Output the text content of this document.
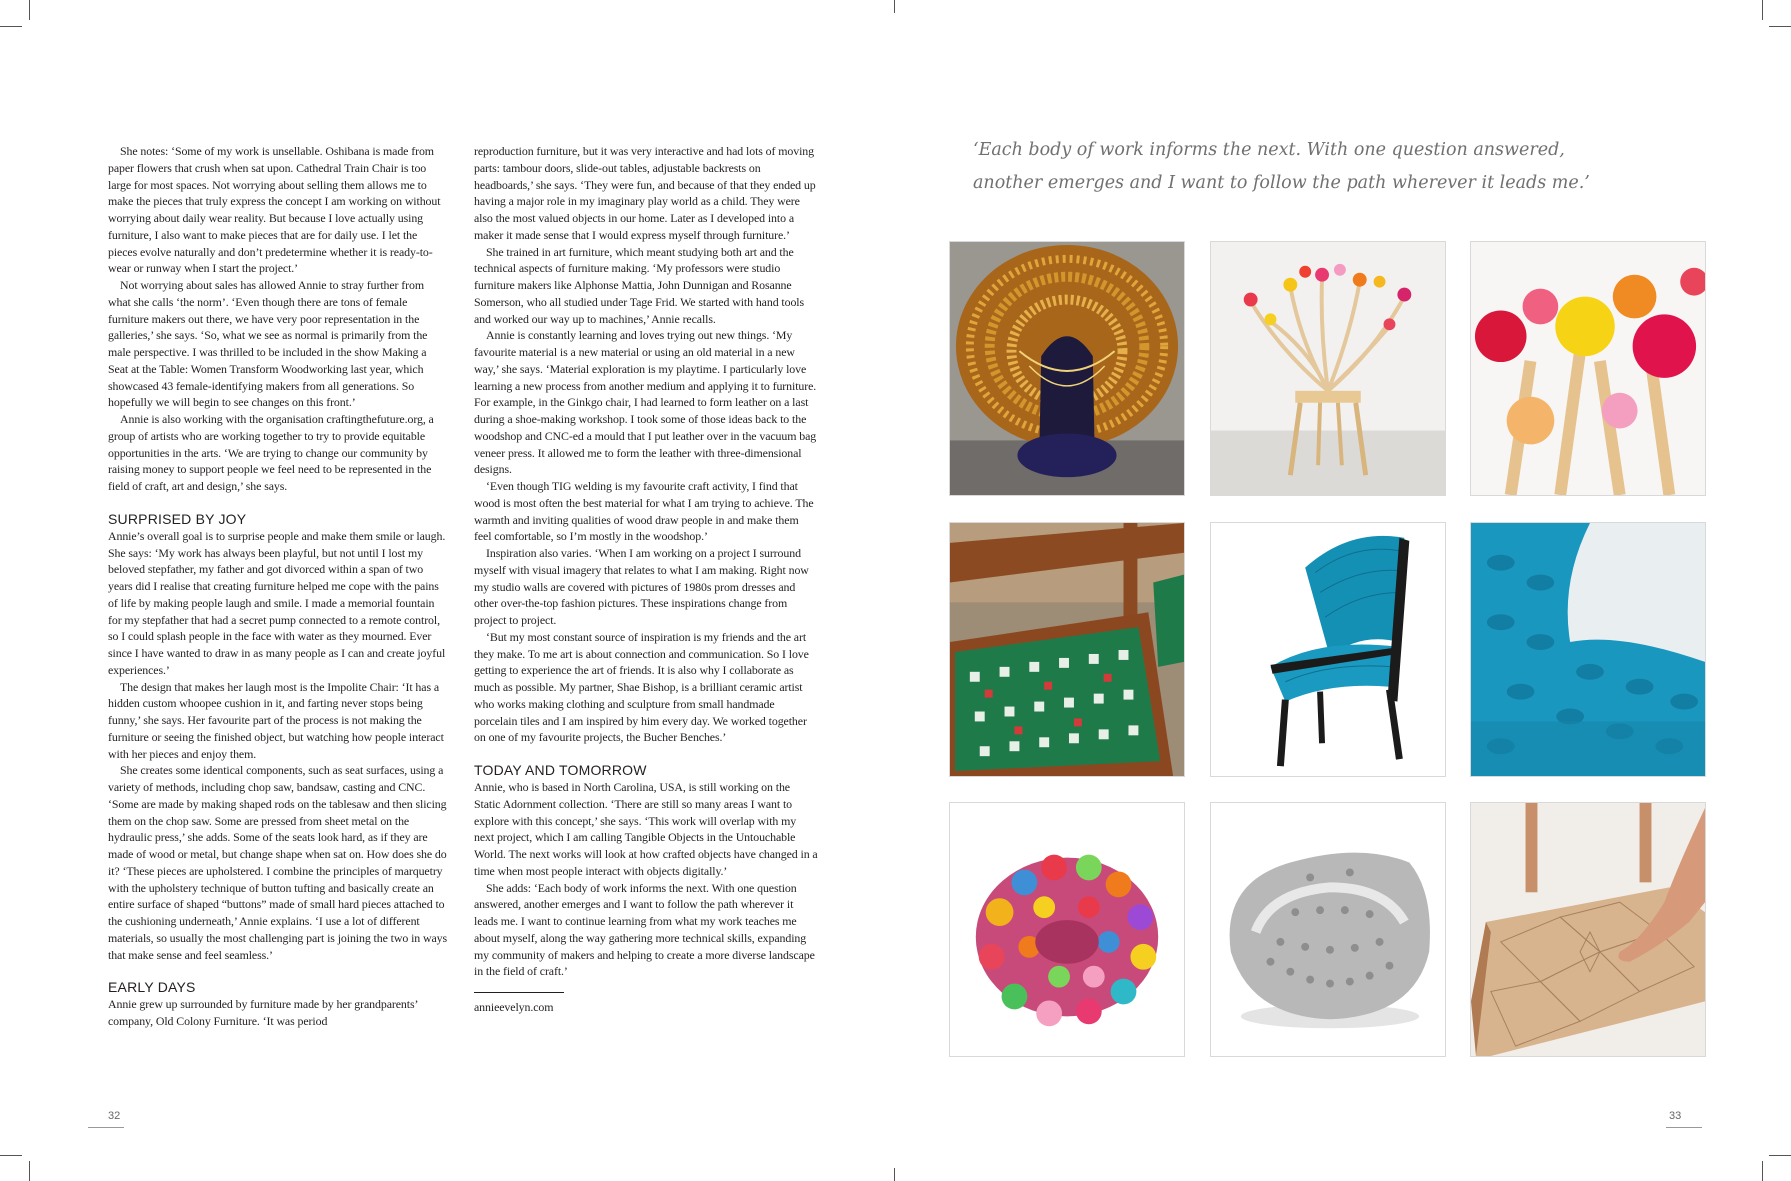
She notes: ‘Some of my work is unsellable. Oshibana is made from paper flowers that crush when sat upon. Cathedral Train Chair is too large for most spaces. Not worrying about selling them allows me to make the pieces that truly express the concept I am working on without worrying about daily wear reality. But because I love actually using furniture, I also want to make pieces that are for daily use. I let the pieces evolve naturally and don’t predetermine whether it is ready-to-wear or runway when I start the project.’

Not worrying about sales has allowed Annie to stray further from what she calls ‘the norm’. ‘Even though there are tons of female furniture makers out there, we have very poor representation in the galleries,’ she says. ‘So, what we see as normal is primarily from the male perspective. I was thrilled to be included in the show Making a Seat at the Table: Women Transform Woodworking last year, which showcased 43 female-identifying makers from all generations. So hopefully we will begin to see changes on this front.’

Annie is also working with the organisation craftingthefuture.org, a group of artists who are working together to try to provide equitable opportunities in the arts. ‘We are trying to change our community by raising money to support people we feel need to be represented in the field of craft, art and design,’ she says.

SURPRISED BY JOY

Annie’s overall goal is to surprise people and make them smile or laugh. She says: ‘My work has always been playful, but not until I lost my beloved stepfather, my father and got divorced within a span of two years did I realise that creating furniture helped me cope with the pains of life by making people laugh and smile. I made a memorial fountain for my stepfather that had a secret pump connected to a remote control, so I could splash people in the face with water as they mourned. Ever since I have wanted to draw in as many people as I can and create joyful experiences.’

The design that makes her laugh most is the Impolite Chair: ‘It has a hidden custom whoopee cushion in it, and farting never stops being funny,’ she says. Her favourite part of the process is not making the furniture or seeing the finished object, but watching how people interact with her pieces and enjoy them.

She creates some identical components, such as seat surfaces, using a variety of methods, including chop saw, bandsaw, casting and CNC. ‘Some are made by making shaped rods on the tablesaw and then slicing them on the chop saw. Some are pressed from sheet metal on the hydraulic press,’ she adds. Some of the seats look hard, as if they are made of wood or metal, but change shape when sat on. How does she do it? ‘These pieces are upholstered. I combine the principles of marquetry with the upholstery technique of button tufting and basically create an entire surface of shaped “buttons” made of small hard pieces attached to the cushioning underneath,’ Annie explains. ‘I use a lot of different materials, so usually the most challenging part is joining the two in ways that make sense and feel seamless.’

EARLY DAYS

Annie grew up surrounded by furniture made by her grandparents’ company, Old Colony Furniture. ‘It was period

reproduction furniture, but it was very interactive and had lots of moving parts: tambour doors, slide-out tables, adjustable backrests on headboards,’ she says. ‘They were fun, and because of that they ended up having a major role in my imaginary play world as a child. They were also the most valued objects in our home. Later as I developed into a maker it made sense that I would express myself through furniture.’

She trained in art furniture, which meant studying both art and the technical aspects of furniture making. ‘My professors were studio furniture makers like Alphonse Mattia, John Dunnigan and Rosanne Somerson, who all studied under Tage Frid. We started with hand tools and worked our way up to machines,’ Annie recalls.

Annie is constantly learning and loves trying out new things. ‘My favourite material is a new material or using an old material in a new way,’ she says. ‘Material exploration is my playtime. I particularly love learning a new process from another medium and applying it to furniture. For example, in the Ginkgo chair, I had learned to form leather on a last during a shoe-making workshop. I took some of those ideas back to the woodshop and CNC-ed a mould that I put leather over in the vacuum bag veneer press. It allowed me to form the leather with three-dimensional designs.

‘Even though TIG welding is my favourite craft activity, I find that wood is most often the best material for what I am trying to achieve. The warmth and inviting qualities of wood draw people in and make them feel comfortable, so I’m mostly in the woodshop.’

Inspiration also varies. ‘When I am working on a project I surround myself with visual imagery that relates to what I am making. Right now my studio walls are covered with pictures of 1980s prom dresses and other over-the-top fashion pictures. These inspirations change from project to project.

‘But my most constant source of inspiration is my friends and the art they make. To me art is about connection and communication. So I love getting to experience the art of friends. It is also why I collaborate as much as possible. My partner, Shae Bishop, is a brilliant ceramic artist who works making clothing and sculpture from small handmade porcelain tiles and I am inspired by him every day. We worked together on one of my favourite projects, the Bucher Benches.’

TODAY AND TOMORROW

Annie, who is based in North Carolina, USA, is still working on the Static Adornment collection. ‘There are still so many areas I want to explore with this concept,’ she says. ‘This work will overlap with my next project, which I am calling Tangible Objects in the Untouchable World. The next works will look at how crafted objects have changed in a time when most people interact with objects digitally.’

She adds: ‘Each body of work informs the next. With one question answered, another emerges and I want to follow the path wherever it leads me. I want to continue learning from what my work teaches me about myself, along the way gathering more technical skills, expanding my community of makers and helping to create a more diverse landscape in the field of craft.’

annieevelyn.com
‘Each body of work informs the next. With one question answered,
another emerges and I want to follow the path wherever it leads me.’
32	33
